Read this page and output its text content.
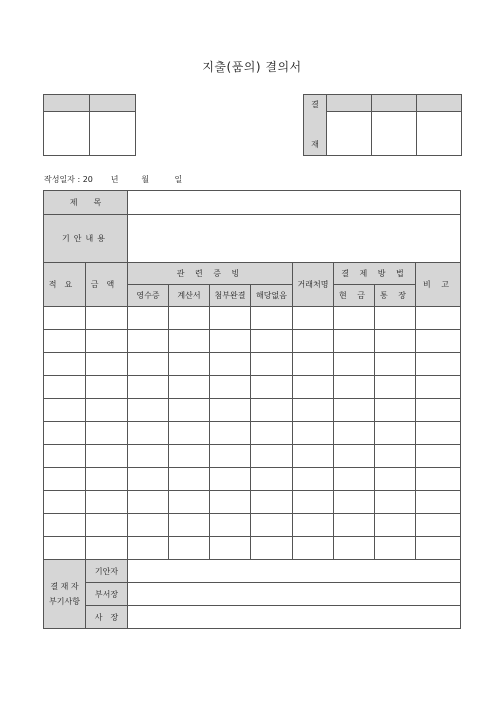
지출(품의) 결의서

결

재			

작성일자 : 20 년	월	일
제　　목									
기안내용									
적요	금액	관 련 증 빙				거래처명	결 제 방 법		비 고
		영수증	계산서	첨부완결	해당없음		현 금	통 장	

결 재 자
부기사항	기안자								
	부서장								
	사　장								
